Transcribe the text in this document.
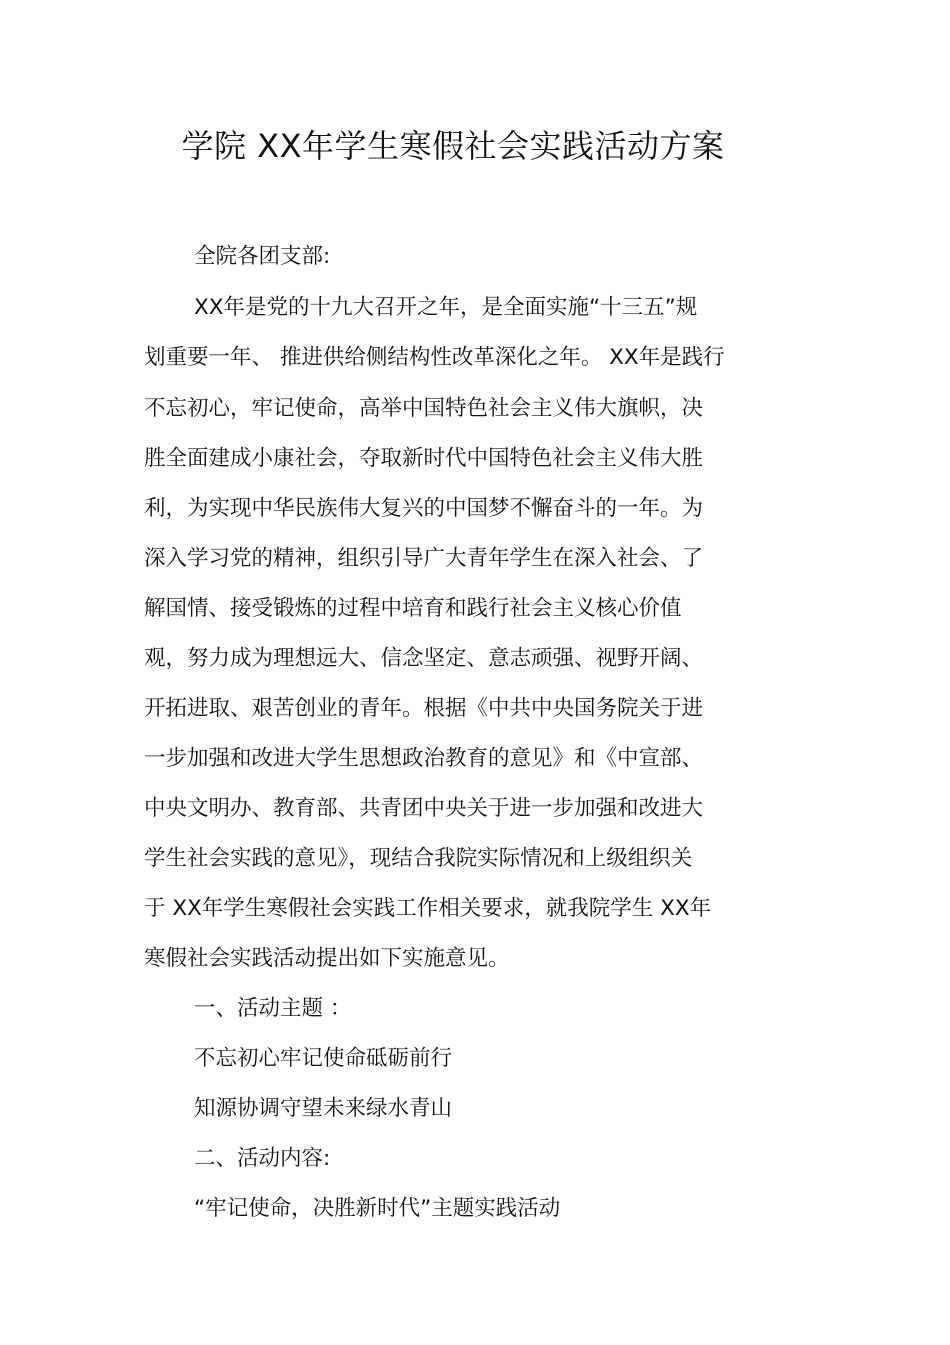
学院 XX年学生寒假社会实践活动方案

全院各团支部:

XX年是党的十九大召开之年，是全面实施“十三五”规

划重要一年、 推进供给侧结构性改革深化之年。 XX年是践行

不忘初心，牢记使命，高举中国特色社会主义伟大旗帜，决

胜全面建成小康社会，夺取新时代中国特色社会主义伟大胜

利，为实现中华民族伟大复兴的中国梦不懈奋斗的一年。为

深入学习党的精神，组织引导广大青年学生在深入社会、了

解国情、接受锻炼的过程中培育和践行社会主义核心价值

观，努力成为理想远大、信念坚定、意志顽强、视野开阔、

开拓进取、艰苦创业的青年。根据《中共中央国务院关于进

一步加强和改进大学生思想政治教育的意见》和《中宣部、

中央文明办、教育部、共青团中央关于进一步加强和改进大

学生社会实践的意见》，现结合我院实际情况和上级组织关

于 XX年学生寒假社会实践工作相关要求，就我院学生 XX年

寒假社会实践活动提出如下实施意见。

一、活动主题 ：

不忘初心牢记使命砥砺前行

知源协调守望未来绿水青山

二、活动内容:

“牢记使命，决胜新时代”主题实践活动
